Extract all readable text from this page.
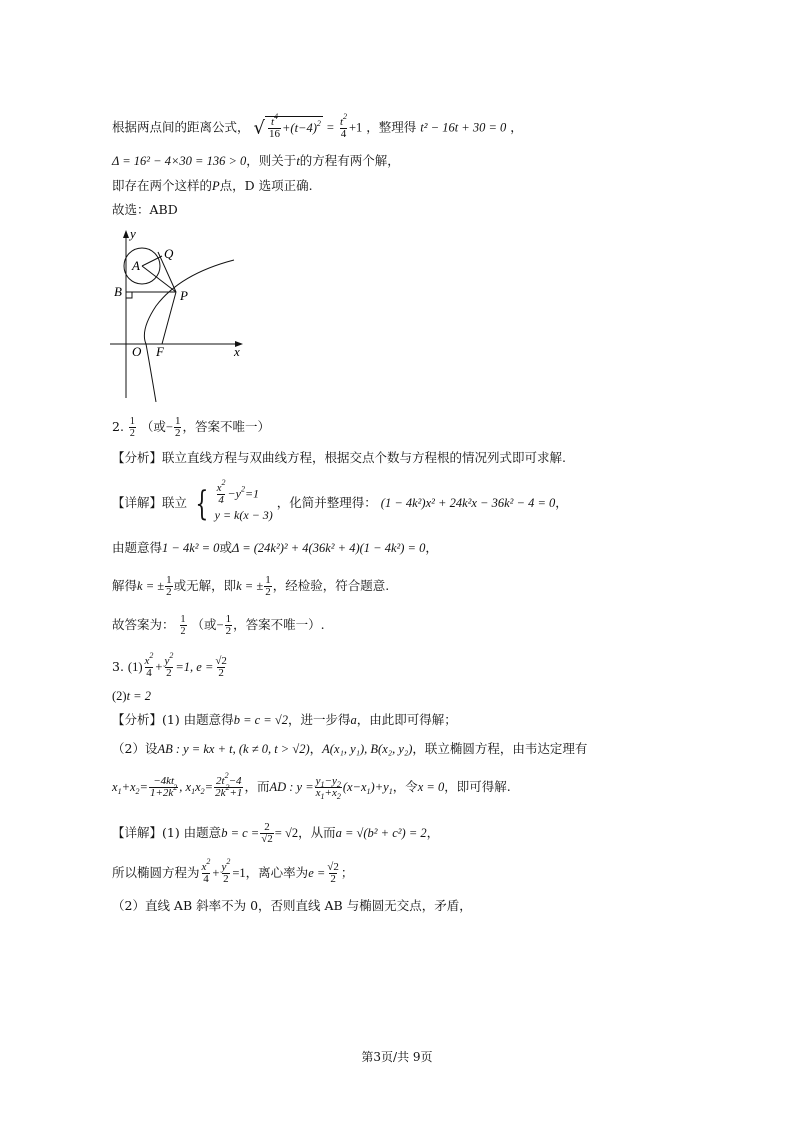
根据两点间的距离公式， √ $\frac{t^4}{16} +(t-4)^2 = \frac{t^2}{4} +1$ ，整理得 t² − 16t + 30 = 0 ，
Δ = 16² − 4×30 = 136 > 0，则关于t的方程有两个解，
即存在两个这样的P点，D 选项正确.
故选：ABD
y
x
A
Q
B	P
O F
2. $\frac{1}{2}$ （或− $\frac{1}{2}$ ，答案不唯一）
【分析】联立直线方程与双曲线方程，根据交点个数与方程根的情况列式即可求解.
【详解】联立 { $\frac{x^2}{4} -y^2=1$
y = k(x − 3)
，化简并整理得： (1 − 4k²)x² + 24k²x − 36k² − 4 = 0，
由题意得1 − 4k² = 0或Δ = (24k²)² + 4(36k² + 4)(1 − 4k²) = 0，
解得k = ± $\frac{1}{2}$ 或无解，即k = ± $\frac{1}{2}$ ，经检验，符合题意.
故答案为： $\frac{1}{2}$ （或− $\frac{1}{2}$ ，答案不唯一）.
3. $(1) \frac{x^2}{4} + \frac{y^2}{2} =1$, $e = \frac{√2}{2}$
(2)t = 2
【分析】(1) 由题意得b = c = √2，进一步得a，由此即可得解；
（2）设AB : y = kx + t, (k ≠ 0, t > √2)，A(x₁, y₁), B(x₂, y₂)，联立椭圆方程，由韦达定理有
$x_1+x_2= \frac{-4kt}{1+2k^2}$ , $x_1x_2= \frac{2t^2-4}{2k^2+1}$ ，而AD : $y = \frac{y_1-y_2}{x_1+x_2} (x-x_1)+y_1$，令x = 0，即可得解.
【详解】(1) 由题意$b = c = \frac{2}{√2} = √2$，从而a = √(b² + c²) = 2，
所以椭圆方程为 $\frac{x^2}{4} + \frac{y^2}{2} =1$，离心率为$e = \frac{√2}{2}$ ；
（2）直线 AB 斜率不为 0，否则直线 AB 与椭圆无交点，矛盾，
第3页/共 9页
